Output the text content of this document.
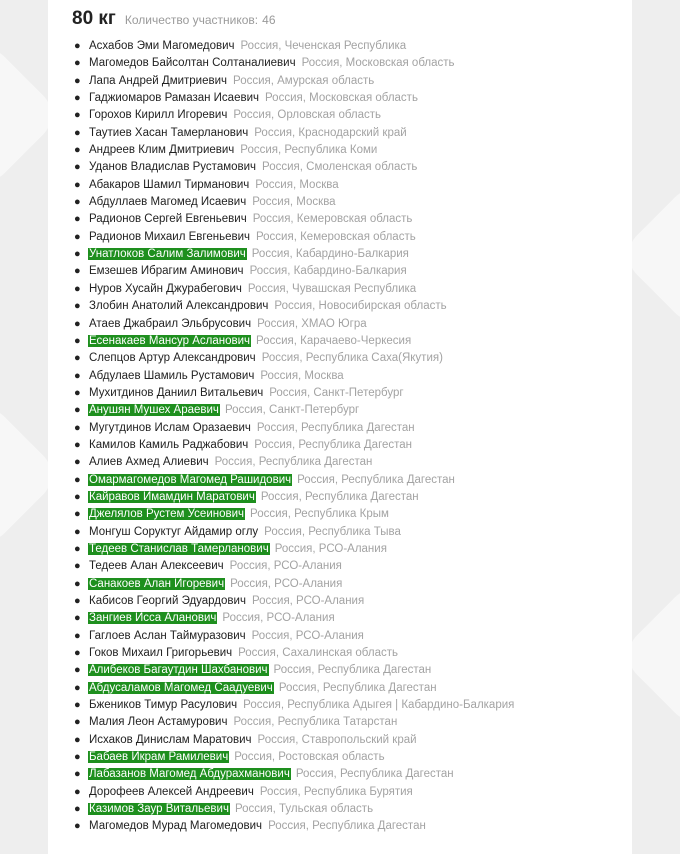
80 кг Количество участников: 46
● Асхабов Эми Магомедович Россия, Чеченская Республика
● Магомедов Байсолтан Солтаналиевич Россия, Московская область
● Лапа Андрей Дмитриевич Россия, Амурская область
● Гаджиомаров Рамазан Исаевич Россия, Московская область
● Горохов Кирилл Игоревич Россия, Орловская область
● Таутиев Хасан Тамерланович Россия, Краснодарский край
● Андреев Клим Дмитриевич Россия, Республика Коми
● Уданов Владислав Рустамович Россия, Смоленская область
● Абакаров Шамил Тирманович Россия, Москва
● Абдуллаев Магомед Исаевич Россия, Москва
● Радионов Сергей Евгеньевич Россия, Кемеровская область
● Радионов Михаил Евгеньевич Россия, Кемеровская область
● Унатлоков Салим Залимович Россия, Кабардино-Балкария
● Емзешев Ибрагим Аминович Россия, Кабардино-Балкария
● Нуров Хусайн Джурабегович Россия, Чувашская Республика
● Злобин Анатолий Александрович Россия, Новосибирская область
● Атаев Джабраил Эльбрусович Россия, ХМАО Югра
● Есенакаев Мансур Асланович Россия, Карачаево-Черкесия
● Слепцов Артур Александрович Россия, Республика Саха(Якутия)
● Абдулаев Шамиль Рустамович Россия, Москва
● Мухитдинов Даниил Витальевич Россия, Санкт-Петербург
● Анушян Мушех Араевич Россия, Санкт-Петербург
● Мугутдинов Ислам Оразаевич Россия, Республика Дагестан
● Камилов Камиль Раджабович Россия, Республика Дагестан
● Алиев Ахмед Алиевич Россия, Республика Дагестан
● Омармагомедов Магомед Рашидович Россия, Республика Дагестан
● Кайравов Имамдин Маратович Россия, Республика Дагестан
● Джелялов Рустем Усеинович Россия, Республика Крым
● Монгуш Соруктуг Айдамир оглу Россия, Республика Тыва
● Тедеев Станислав Тамерланович Россия, РСО-Алания
● Тедеев Алан Алексеевич Россия, РСО-Алания
● Санакоев Алан Игоревич Россия, РСО-Алания
● Кабисов Георгий Эдуардович Россия, РСО-Алания
● Зангиев Исса Аланович Россия, РСО-Алания
● Гаглоев Аслан Таймуразович Россия, РСО-Алания
● Гоков Михаил Григорьевич Россия, Сахалинская область
● Алибеков Багаутдин Шахбанович Россия, Республика Дагестан
● Абдусаламов Магомед Саадуевич Россия, Республика Дагестан
● Бжеников Тимур Расулович Россия, Республика Адыгея | Кабардино-Балкария
● Малия Леон Астамурович Россия, Республика Татарстан
● Исхаков Динислам Маратович Россия, Ставропольский край
● Бабаев Икрам Рамилевич Россия, Ростовская область
● Лабазанов Магомед Абдурахманович Россия, Республика Дагестан
● Дорофеев Алексей Андреевич Россия, Республика Бурятия
● Казимов Заур Витальевич Россия, Тульская область
● Магомедов Мурад Магомедович Россия, Республика Дагестан
